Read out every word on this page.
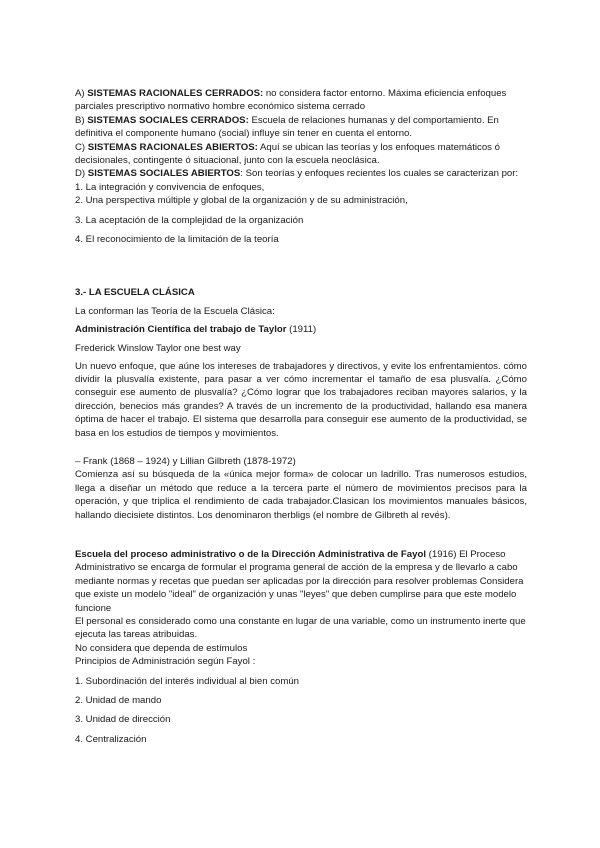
A) SISTEMAS RACIONALES CERRADOS: no considera factor entorno. Máxima eficiencia enfoques parciales prescriptivo normativo hombre económico sistema cerrado

B) SISTEMAS SOCIALES CERRADOS: Escuela de relaciones humanas y del comportamiento. En definitiva el componente humano (social) influye sin tener en cuenta el entorno.

C) SISTEMAS RACIONALES ABIERTOS: Aquí se ubican las teorías y los enfoques matemáticos ó decisionales, contingente ó situacional, junto con la escuela neoclásica.

D) SISTEMAS SOCIALES ABIERTOS: Son teorías y enfoques recientes los cuales se caracterizan por: 1. La integración y convivencia de enfoques,

2. Una perspectiva múltiple y global de la organización y de su administración,

3. La aceptación de la complejidad de la organización

4. El reconocimiento de la limitación de la teoría

3.- LA ESCUELA CLÁSICA

La conforman las Teoría de la Escuela Clásica:

Administración Científica del trabajo de Taylor (1911)

Frederick Winslow Taylor one best way

Un nuevo enfoque, que aúne los intereses de trabajadores y directivos, y evite los enfrentamientos. cómo dividir la plusvalía existente, para pasar a ver cómo incrementar el tamaño de esa plusvalía. ¿Cómo conseguir ese aumento de plusvalía? ¿Cómo lograr que los trabajadores reciban mayores salarios, y la dirección, benecios más grandes? A través de un incremento de la productividad, hallando esa manera óptima de hacer el trabajo. El sistema que desarrolla para conseguir ese aumento de la productividad, se basa en los estudios de tiempos y movimientos.

– Frank (1868 – 1924) y Lillian Gilbreth (1878-1972)

Comienza así su búsqueda de la «única mejor forma» de colocar un ladrillo. Tras numerosos estudios, llega a diseñar un método que reduce a la tercera parte el número de movimientos precisos para la operación, y que triplica el rendimiento de cada trabajador.Clasican los movimientos manuales básicos, hallando diecisiete distintos. Los denominaron therbligs (el nombre de Gilbreth al revés).

Escuela del proceso administrativo o de la Dirección Administrativa de Fayol (1916) El Proceso Administrativo se encarga de formular el programa general de acción de la empresa y de llevarlo a cabo mediante normas y recetas que puedan ser aplicadas por la dirección para resolver problemas Considera que existe un modelo "ideal" de organización y unas "leyes" que deben cumplirse para que este modelo funcione

El personal es considerado como una constante en lugar de una variable, como un instrumento inerte que ejecuta las tareas atribuidas.

No considera que dependa de estímulos

Principios de Administración según Fayol :

1. Subordinación del interés individual al bien común

2. Unidad de mando

3. Unidad de dirección

4. Centralización
